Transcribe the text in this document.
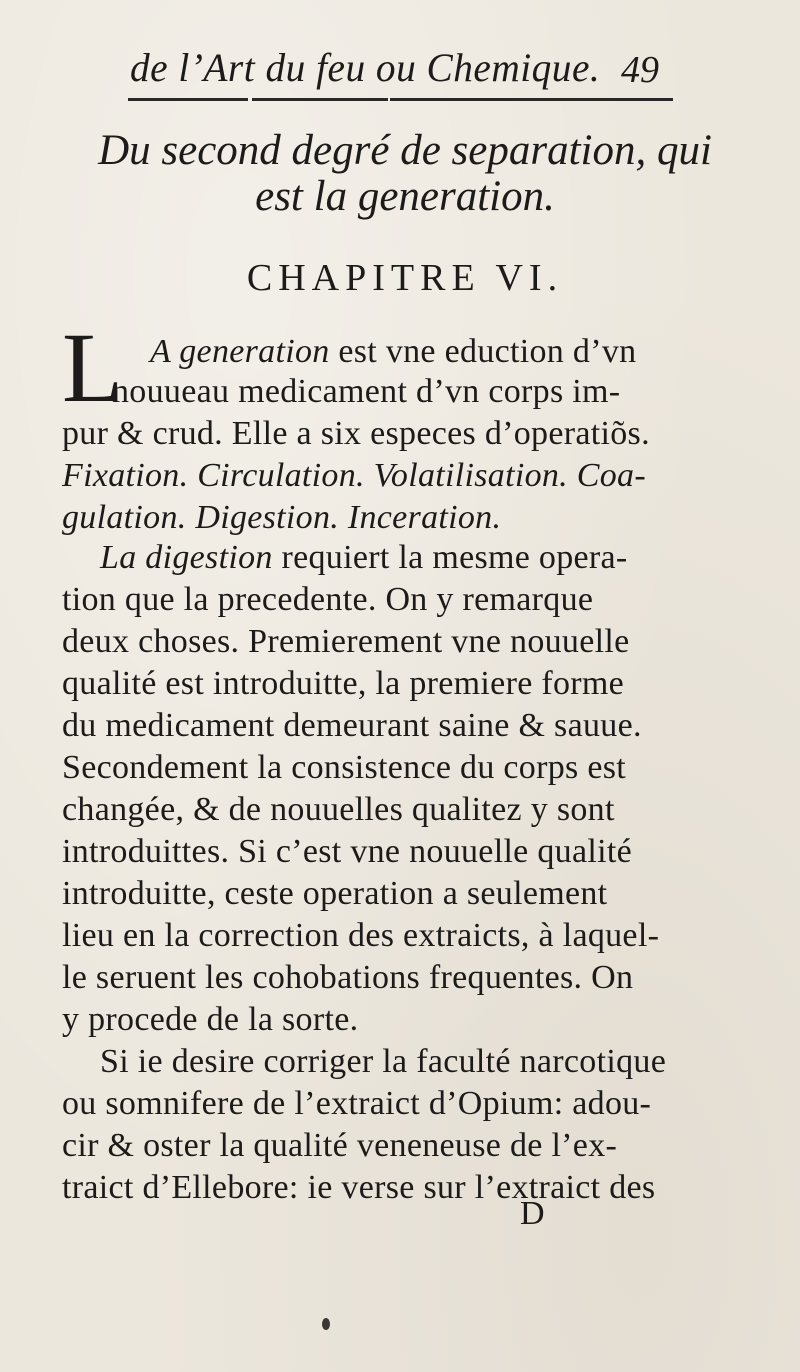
de l’Art du feu ou Chemique. 49
Du second degré de separation, qui
est la generation.
CHAPITRE VI.
L A generation est vne eduction d’vn
nouueau medicament d’vn corps im-
pur & crud. Elle a six especes d’operatiõs.
Fixation. Circulation. Volatilisation. Coa-
gulation. Digestion. Inceration.
La digestion requiert la mesme opera-
tion que la precedente. On y remarque
deux choses. Premierement vne nouuelle
qualité est introduitte, la premiere forme
du medicament demeurant saine & sauue.
Secondement la consistence du corps est
changée, & de nouuelles qualitez y sont
introduittes. Si c’est vne nouuelle qualité
introduitte, ceste operation a seulement
lieu en la correction des extraicts, à laquel-
le seruent les cohobations frequentes. On
y procede de la sorte.
Si ie desire corriger la faculté narcotique
ou somnifere de l’extraict d’Opium: adou-
cir & oster la qualité veneneuse de l’ex-
traict d’Ellebore: ie verse sur l’extraict des
D
